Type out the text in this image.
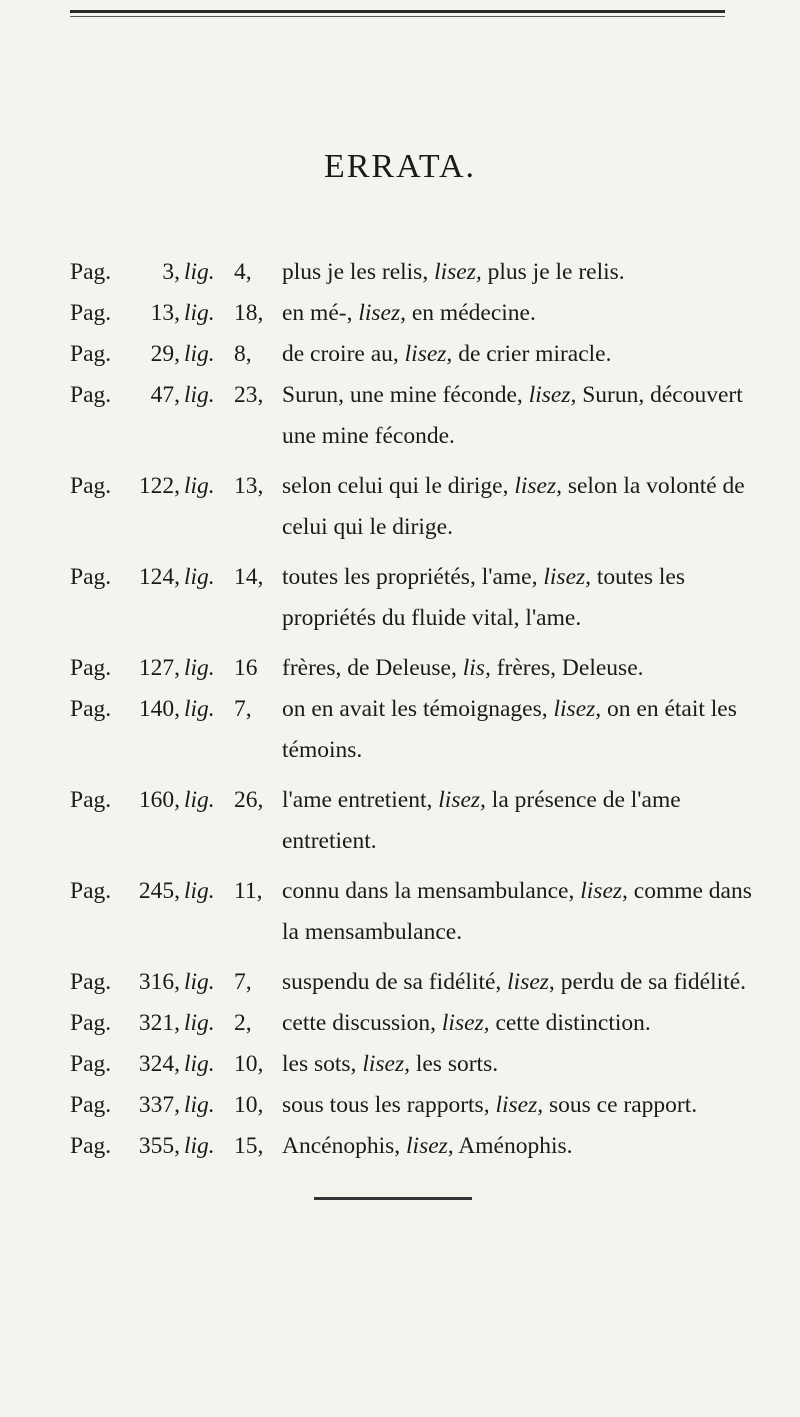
ERRATA.
Pag.	3, lig. 4,	plus je les relis, lisez, plus je le relis.
Pag.	13, lig. 18, en mé-, lisez, en médecine.
Pag.	29, lig. 8,	de croire au, lisez, de crier miracle.
Pag.	47, lig. 23, Surun, une mine féconde, lisez, Surun, découvert une mine féconde.
Pag.	122, lig. 13, selon celui qui le dirige, lisez, selon la volonté de celui qui le dirige.
Pag.	124, lig. 14, toutes les propriétés, l'ame, lisez, toutes les propriétés du fluide vital, l'ame.
Pag.	127, lig. 16	frères, de Deleuse, lis, frères, Deleuse.
Pag.	140, lig. 7,	on en avait les témoignages, lisez, on en était les témoins.
Pag.	160, lig. 26, l'ame entretient, lisez, la présence de l'ame entretient.
Pag.	245, lig. 11, connu dans la mensambulance, lisez, comme dans la mensambulance.
Pag.	316, lig. 7,	suspendu de sa fidélité, lisez, perdu de sa fidélité.
Pag.	321, lig. 2,	cette discussion, lisez, cette distinction.
Pag.	324, lig. 10, les sots, lisez, les sorts.
Pag.	337, lig. 10, sous tous les rapports, lisez, sous ce rapport.
Pag.	355, lig. 15, Ancénophis, lisez, Aménophis.
